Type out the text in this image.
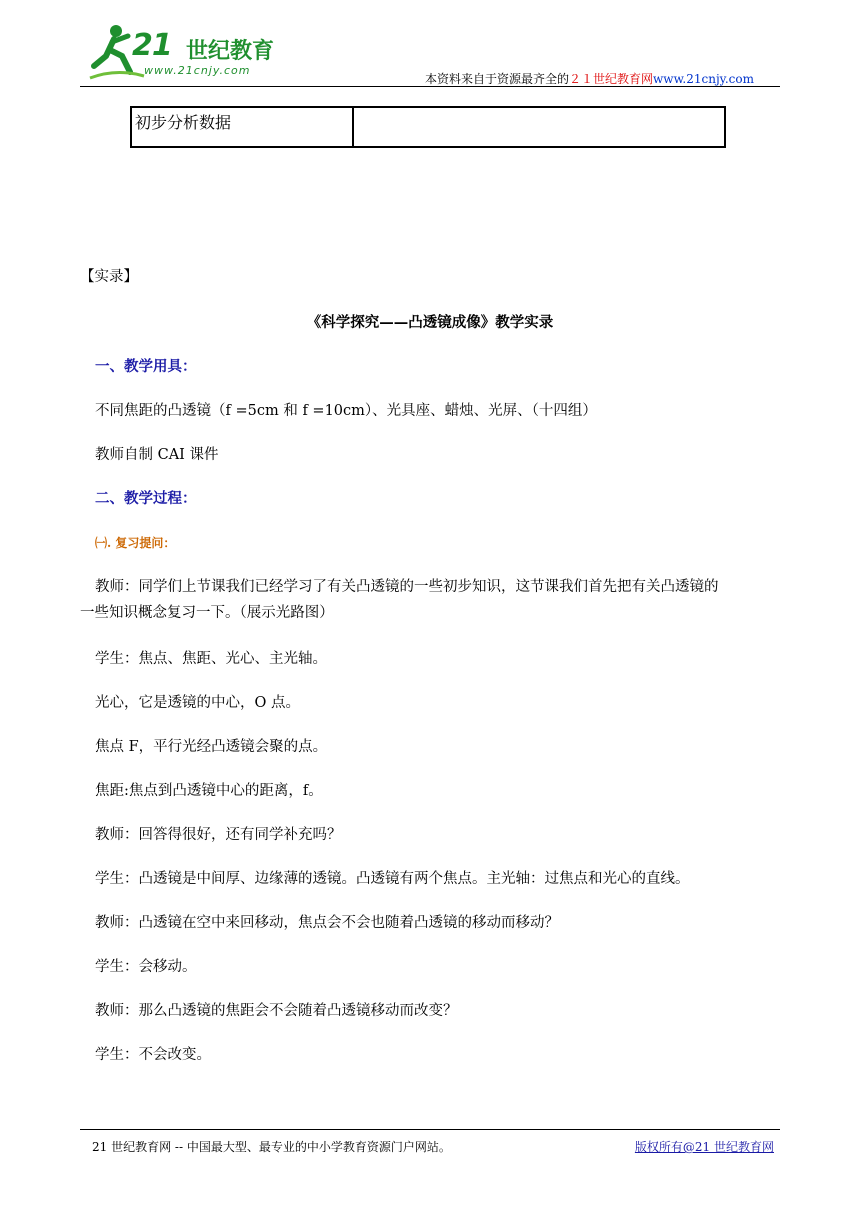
21 世纪教育
www.21cnjy.com
本资料来自于资源最齐全的２１世纪教育网www.21cnjy.com
初步分析数据	
【实录】
《科学探究——凸透镜成像》教学实录
一、教学用具：
不同焦距的凸透镜（f =5cm 和 f =10cm）、光具座、蜡烛、光屏、（十四组）
教师自制 CAI 课件
二、教学过程：
㈠. 复习提问：
教师：同学们上节课我们已经学习了有关凸透镜的一些初步知识，这节课我们首先把有关凸透镜的
一些知识概念复习一下。（展示光路图）
学生：焦点、焦距、光心、主光轴。
光心，它是透镜的中心，O 点。
焦点 F，平行光经凸透镜会聚的点。
焦距:焦点到凸透镜中心的距离，f。
教师：回答得很好，还有同学补充吗？
学生：凸透镜是中间厚、边缘薄的透镜。凸透镜有两个焦点。主光轴：过焦点和光心的直线。
教师：凸透镜在空中来回移动，焦点会不会也随着凸透镜的移动而移动？
学生：会移动。
教师：那么凸透镜的焦距会不会随着凸透镜移动而改变？
学生：不会改变。
21 世纪教育网 -- 中国最大型、最专业的中小学教育资源门户网站。	版权所有@21 世纪教育网
